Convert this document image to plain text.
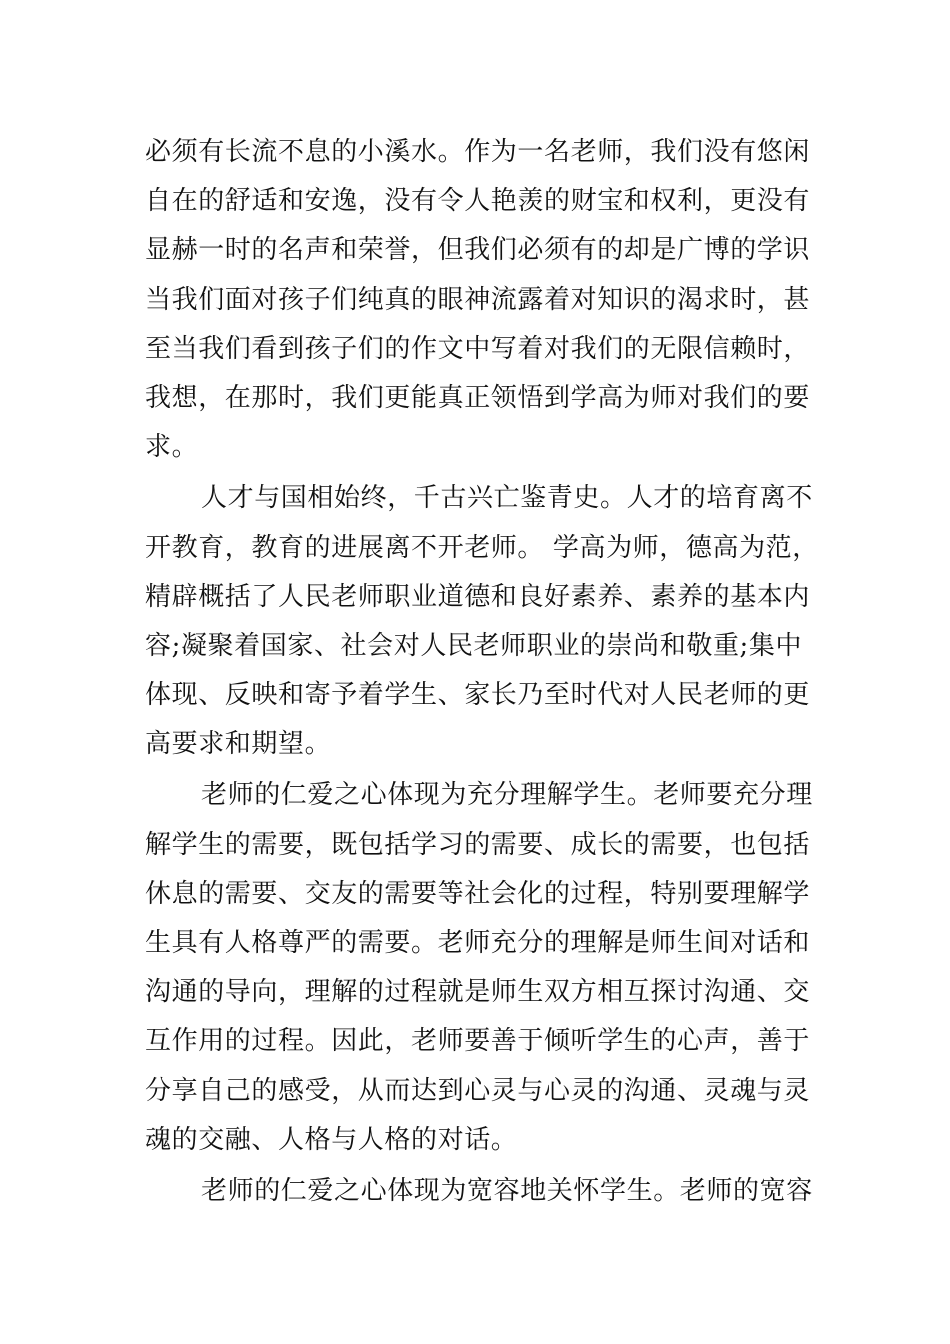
必须有长流不息的小溪水。作为一名老师，我们没有悠闲
自在的舒适和安逸，没有令人艳羡的财宝和权利，更没有
显赫一时的名声和荣誉，但我们必须有的却是广博的学识
当我们面对孩子们纯真的眼神流露着对知识的渴求时，甚
至当我们看到孩子们的作文中写着对我们的无限信赖时，
我想，在那时，我们更能真正领悟到学高为师对我们的要
求。
人才与国相始终，千古兴亡鉴青史。人才的培育离不
开教育，教育的进展离不开老师。 学高为师，德高为范，
精辟概括了人民老师职业道德和良好素养、素养的基本内
容;凝聚着国家、社会对人民老师职业的崇尚和敬重;集中
体现、反映和寄予着学生、家长乃至时代对人民老师的更
高要求和期望。
老师的仁爱之心体现为充分理解学生。老师要充分理
解学生的需要，既包括学习的需要、成长的需要，也包括
休息的需要、交友的需要等社会化的过程，特别要理解学
生具有人格尊严的需要。老师充分的理解是师生间对话和
沟通的导向，理解的过程就是师生双方相互探讨沟通、交
互作用的过程。因此，老师要善于倾听学生的心声，善于
分享自己的感受，从而达到心灵与心灵的沟通、灵魂与灵
魂的交融、人格与人格的对话。
老师的仁爱之心体现为宽容地关怀学生。老师的宽容
